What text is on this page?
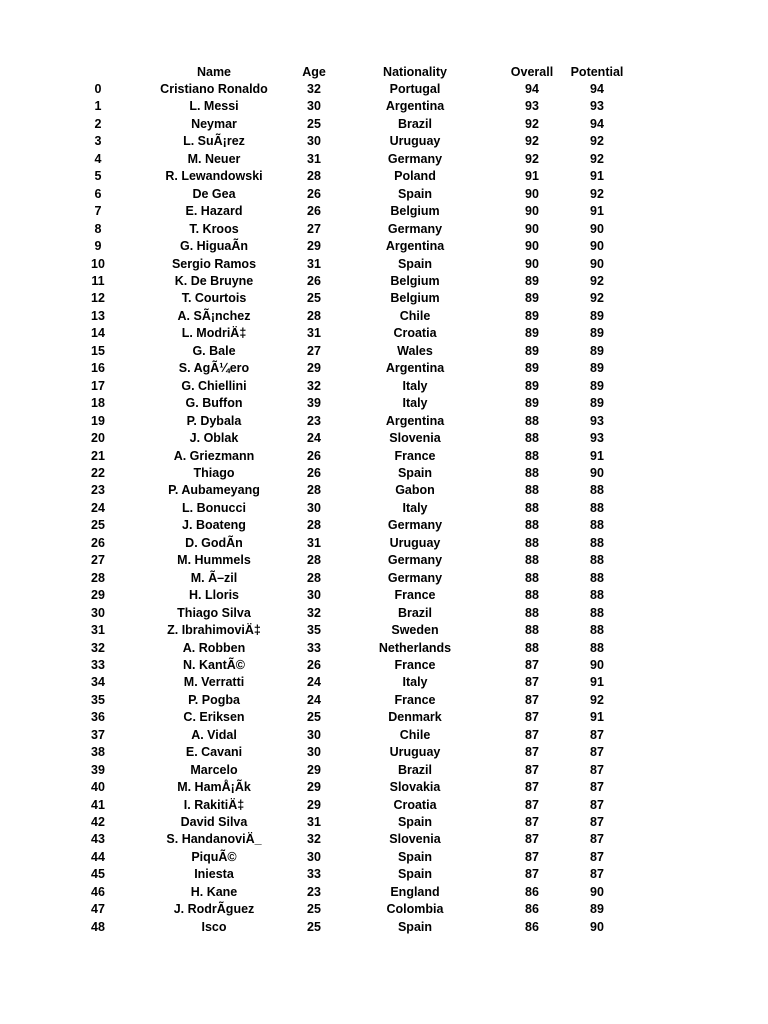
	Name	Age	Nationality	Overall	Potential
0	Cristiano Ronaldo	32	Portugal	94	94
1	L. Messi	30	Argentina	93	93
2	Neymar	25	Brazil	92	94
3	L. SuÃ¡rez	30	Uruguay	92	92
4	M. Neuer	31	Germany	92	92
5	R. Lewandowski	28	Poland	91	91
6	De Gea	26	Spain	90	92
7	E. Hazard	26	Belgium	90	91
8	T. Kroos	27	Germany	90	90
9	G. HiguaÃn	29	Argentina	90	90
10	Sergio Ramos	31	Spain	90	90
11	K. De Bruyne	26	Belgium	89	92
12	T. Courtois	25	Belgium	89	92
13	A. SÃ¡nchez	28	Chile	89	89
14	L. ModriÄ‡	31	Croatia	89	89
15	G. Bale	27	Wales	89	89
16	S. AgÃ¼ero	29	Argentina	89	89
17	G. Chiellini	32	Italy	89	89
18	G. Buffon	39	Italy	89	89
19	P. Dybala	23	Argentina	88	93
20	J. Oblak	24	Slovenia	88	93
21	A. Griezmann	26	France	88	91
22	Thiago	26	Spain	88	90
23	P. Aubameyang	28	Gabon	88	88
24	L. Bonucci	30	Italy	88	88
25	J. Boateng	28	Germany	88	88
26	D. GodÃn	31	Uruguay	88	88
27	M. Hummels	28	Germany	88	88
28	M. Ã–zil	28	Germany	88	88
29	H. Lloris	30	France	88	88
30	Thiago Silva	32	Brazil	88	88
31	Z. IbrahimoviÄ‡	35	Sweden	88	88
32	A. Robben	33	Netherlands	88	88
33	N. KantÃ©	26	France	87	90
34	M. Verratti	24	Italy	87	91
35	P. Pogba	24	France	87	92
36	C. Eriksen	25	Denmark	87	91
37	A. Vidal	30	Chile	87	87
38	E. Cavani	30	Uruguay	87	87
39	Marcelo	29	Brazil	87	87
40	M. HamÅ¡Ãk	29	Slovakia	87	87
41	I. RakitiÄ‡	29	Croatia	87	87
42	David Silva	31	Spain	87	87
43	S. HandanoviÄ_	32	Slovenia	87	87
44	PiquÃ©	30	Spain	87	87
45	Iniesta	33	Spain	87	87
46	H. Kane	23	England	86	90
47	J. RodrÃguez	25	Colombia	86	89
48	Isco	25	Spain	86	90
